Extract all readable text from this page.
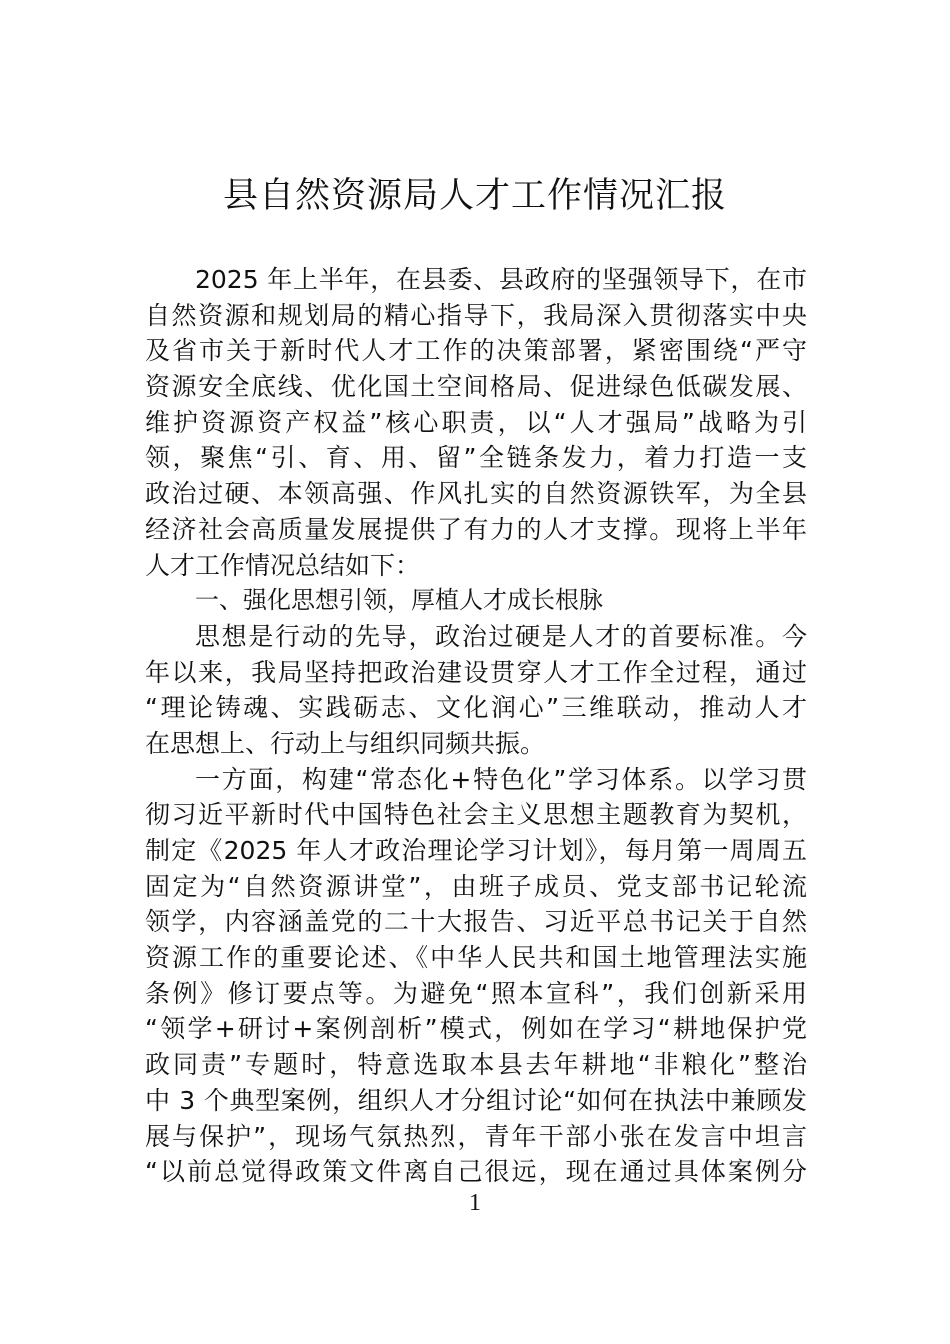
县自然资源局人才工作情况汇报
2025 年上半年，在县委、县政府的坚强领导下，在市
自然资源和规划局的精心指导下，我局深入贯彻落实中央
及省市关于新时代人才工作的决策部署，紧密围绕“严守
资源安全底线、优化国土空间格局、促进绿色低碳发展、
维护资源资产权益”核心职责，以“人才强局”战略为引
领，聚焦“引、育、用、留”全链条发力，着力打造一支
政治过硬、本领高强、作风扎实的自然资源铁军，为全县
经济社会高质量发展提供了有力的人才支撑。现将上半年
人才工作情况总结如下：
一、强化思想引领，厚植人才成长根脉
思想是行动的先导，政治过硬是人才的首要标准。今
年以来，我局坚持把政治建设贯穿人才工作全过程，通过
“理论铸魂、实践砺志、文化润心”三维联动，推动人才
在思想上、行动上与组织同频共振。
一方面，构建“常态化+特色化”学习体系。以学习贯
彻习近平新时代中国特色社会主义思想主题教育为契机，
制定《2025 年人才政治理论学习计划》，每月第一周周五
固定为“自然资源讲堂”，由班子成员、党支部书记轮流
领学，内容涵盖党的二十大报告、习近平总书记关于自然
资源工作的重要论述、《中华人民共和国土地管理法实施
条例》修订要点等。为避免“照本宣科”，我们创新采用
“领学+研讨+案例剖析”模式，例如在学习“耕地保护党
政同责”专题时，特意选取本县去年耕地“非粮化”整治
中 3 个典型案例，组织人才分组讨论“如何在执法中兼顾发
展与保护”，现场气氛热烈，青年干部小张在发言中坦言
“以前总觉得政策文件离自己很远，现在通过具体案例分
1
